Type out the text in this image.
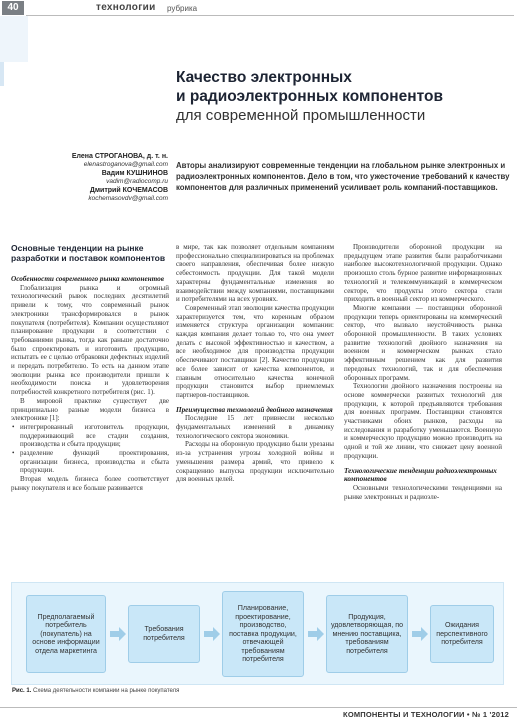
40	технологии рубрика
Качество электронных
и радиоэлектронных компонентов
для современной промышленности
Елена СТРОГАНОВА, д. т. н.
elenastroganova@gmail.com
Вадим КУШНИНОВ
vadim@radiocomp.ru
Дмитрий КОЧЕМАСОВ
kochemasovdv@gmail.com
Авторы анализируют современные тенденции на глобальном рынке электронных и радиоэлектронных компонентов. Дело в том, что ужесточение требований к качеству компонентов для различных применений усиливает роль компаний-поставщиков.
Основные тенденции на рынке разработки и поставок компонентов
Особенности современного рынка компонентов

Глобализация рынка и огромный технологический рывок последних десятилетий привели к тому, что современный рынок электроники трансформировался в рынок покупателя (потребителя). Компании осуществляют планирование продукции в соответствии с требованиями рынка, тогда как раньше достаточно было спроектировать и изготовить продукцию, испытать ее с целью отбраковки дефектных изделий и передать потребителю. То есть на данном этапе эволюции рынка все производители пришли к необходимости поиска и удовлетворения потребностей конкретного потребителя (рис. 1).

В мировой практике существует две принципиально разные модели бизнеса в электронике [1]:

• интегрированный изготовитель продукции, поддерживающий все стадии создания, производства и сбыта продукции;
• разделение функций проектирования, организации бизнеса, производства и сбыта продукции.

Вторая модель бизнеса более соответствует рынку покупателя и все больше развивается

в мире, так как позволяет отдельным компаниям профессионально специализироваться на проблемах своего направления, обеспечивая более низкую себестоимость продукции. Для такой модели характерны фундаментальные изменения во взаимодействии между компаниями, поставщиками и потребителями на всех уровнях.

Современный этап эволюции качества продукции характеризуется тем, что коренным образом изменяется структура организации компании: каждая компания делает только то, что она умеет делать с высокой эффективностью и качеством, а все необходимое для производства продукции обеспечивают поставщики [2]. Качество продукции все более зависит от качества компонентов, и главным относительно качества конечной продукции становится выбор приемлемых партнеров-поставщиков.

Преимущества технологий двойного назначения

Последние 15 лет привнесли несколько фундаментальных изменений в динамику технологического сектора экономики.

Расходы на оборонную продукцию были урезаны из-за устранения угрозы холодной войны и уменьшения размера армий, что привело к сокращению выпуска продукции исключительно для военных целей.

Производители оборонной продукции на предыдущем этапе развития были разработчиками наиболее высокотехнологичной продукции. Однако произошло столь бурное развитие информационных технологий и телекоммуникаций в коммерческом секторе, что продукты этого сектора стали приходить в военный сектор из коммерческого.

Многие компании — поставщики оборонной продукции теперь ориентированы на коммерческий сектор, что вызвало неустойчивость рынка оборонной промышленности. В таких условиях развитие технологий двойного назначения на военном и коммерческом рынках стало эффективным решением как для развития передовых технологий, так и для обеспечения оборонных программ.

Технологии двойного назначения построены на основе коммерчески развитых технологий для продукции, к которой предъявляются требования для военных программ. Поставщики становятся участниками обоих рынков, расходы на исследования и разработку уменьшаются. Военную и коммерческую продукцию можно производить на одной и той же линии, что снижает цену военной продукции.

Технологические тенденции радиоэлектронных компонентов

Основными технологическими тенденциями на рынке электронных и радиоэле-

Предполагаемый потребитель (покупатель) на основе информации отдела маркетинга
Требования потребителя
Планирование, проектирование, производство, поставка продукции, отвечающей требованиям потребителя
Продукция, удовлетворяющая, по мнению поставщика, требованиям потребителя
Ожидания перспективного потребителя
Рис. 1. Схема деятельности компании на рынке покупателя
КОМПОНЕНТЫ И ТЕХНОЛОГИИ • № 1 '2012
